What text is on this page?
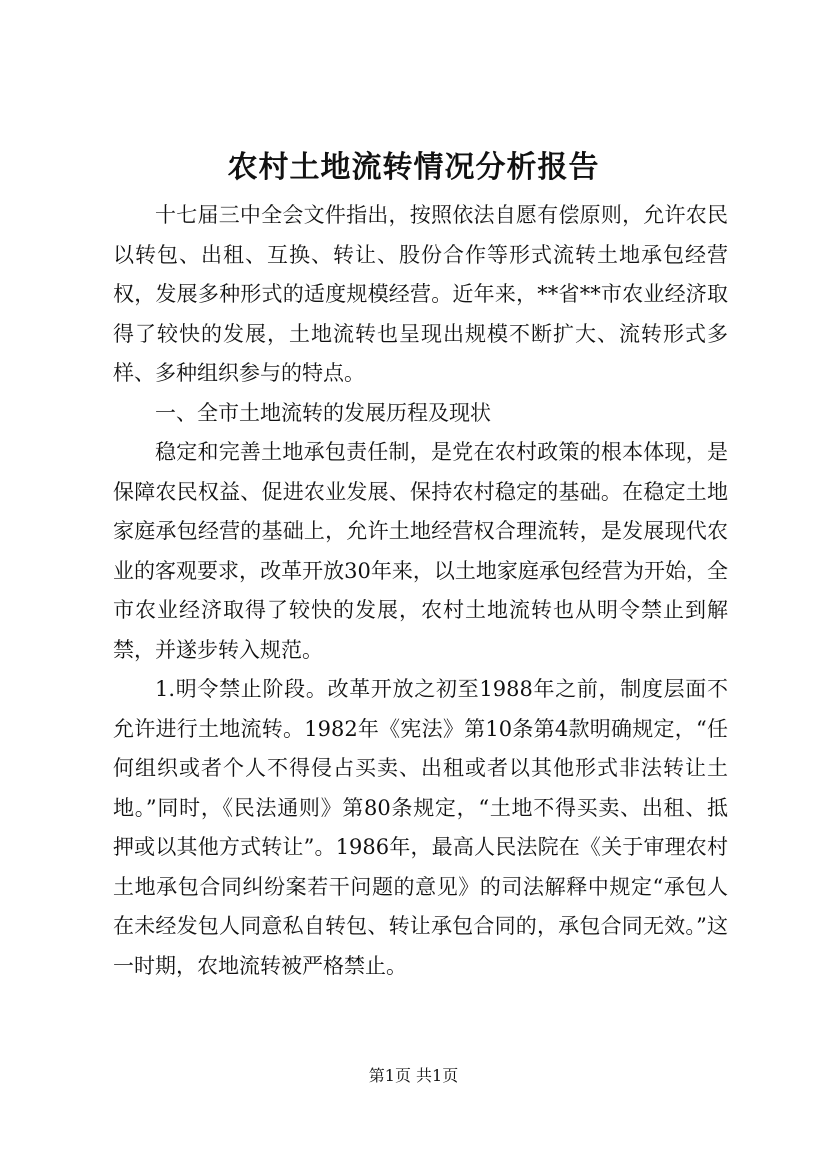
农村土地流转情况分析报告

十七届三中全会文件指出，按照依法自愿有偿原则，允许农民以转包、出租、互换、转让、股份合作等形式流转土地承包经营权，发展多种形式的适度规模经营。近年来，**省**市农业经济取得了较快的发展，土地流转也呈现出规模不断扩大、流转形式多样、多种组织参与的特点。

一、全市土地流转的发展历程及现状

稳定和完善土地承包责任制，是党在农村政策的根本体现，是保障农民权益、促进农业发展、保持农村稳定的基础。在稳定土地家庭承包经营的基础上，允许土地经营权合理流转，是发展现代农业的客观要求，改革开放30年来，以土地家庭承包经营为开始，全市农业经济取得了较快的发展，农村土地流转也从明令禁止到解禁，并遂步转入规范。

1.明令禁止阶段。改革开放之初至1988年之前，制度层面不允许进行土地流转。1982年《宪法》第10条第4款明确规定，“任何组织或者个人不得侵占买卖、出租或者以其他形式非法转让土地。”同时，《民法通则》第80条规定，“土地不得买卖、出租、抵押或以其他方式转让”。1986年，最高人民法院在《关于审理农村土地承包合同纠纷案若干问题的意见》的司法解释中规定“承包人在未经发包人同意私自转包、转让承包合同的，承包合同无效。”这一时期，农地流转被严格禁止。

第1页 共1页
